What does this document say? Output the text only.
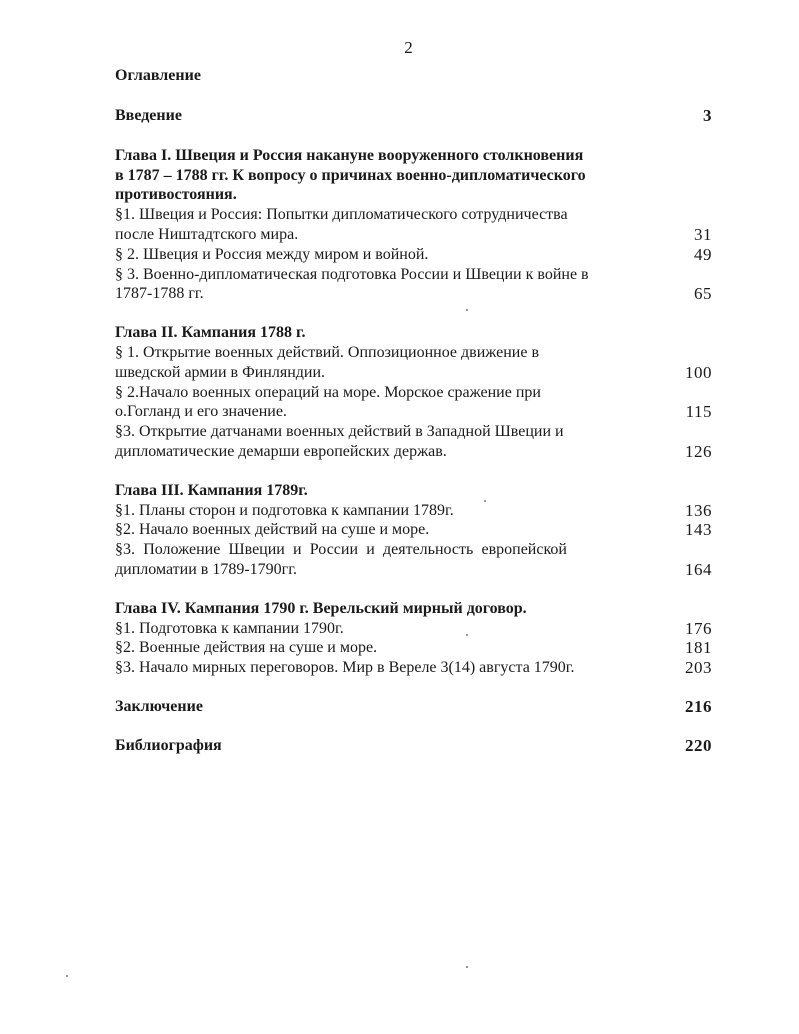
2
Оглавление
Введение	3
Глава I. Швеция и Россия накануне вооруженного столкновения
в 1787 – 1788 гг. К вопросу о причинах военно-дипломатического
противостояния.
§1. Швеция и Россия: Попытки дипломатического сотрудничества
после Ништадтского мира.	31
§ 2. Швеция и Россия между миром и войной.	49
§ 3. Военно-дипломатическая подготовка России и Швеции к войне в
1787-1788 гг.	65
Глава II. Кампания 1788 г.
§ 1. Открытие военных действий. Оппозиционное движение в
шведской армии в Финляндии.	100
§ 2.Начало военных операций на море. Морское сражение при
о.Гогланд и его значение.	115
§3. Открытие датчанами военных действий в Западной Швеции и
дипломатические демарши европейских держав.	126
Глава III. Кампания 1789г.
§1. Планы сторон и подготовка к кампании 1789г.	136
§2. Начало военных действий на суше и море.	143
§3. Положение Швеции и России и деятельность европейской
дипломатии в 1789-1790гг.	164
Глава IV. Кампания 1790 г. Верельский мирный договор.
§1. Подготовка к кампании 1790г.	176
§2. Военные действия на суше и море.	181
§3. Начало мирных переговоров. Мир в Вереле 3(14) августа 1790г.	203
Заключение	216
Библиография	220
